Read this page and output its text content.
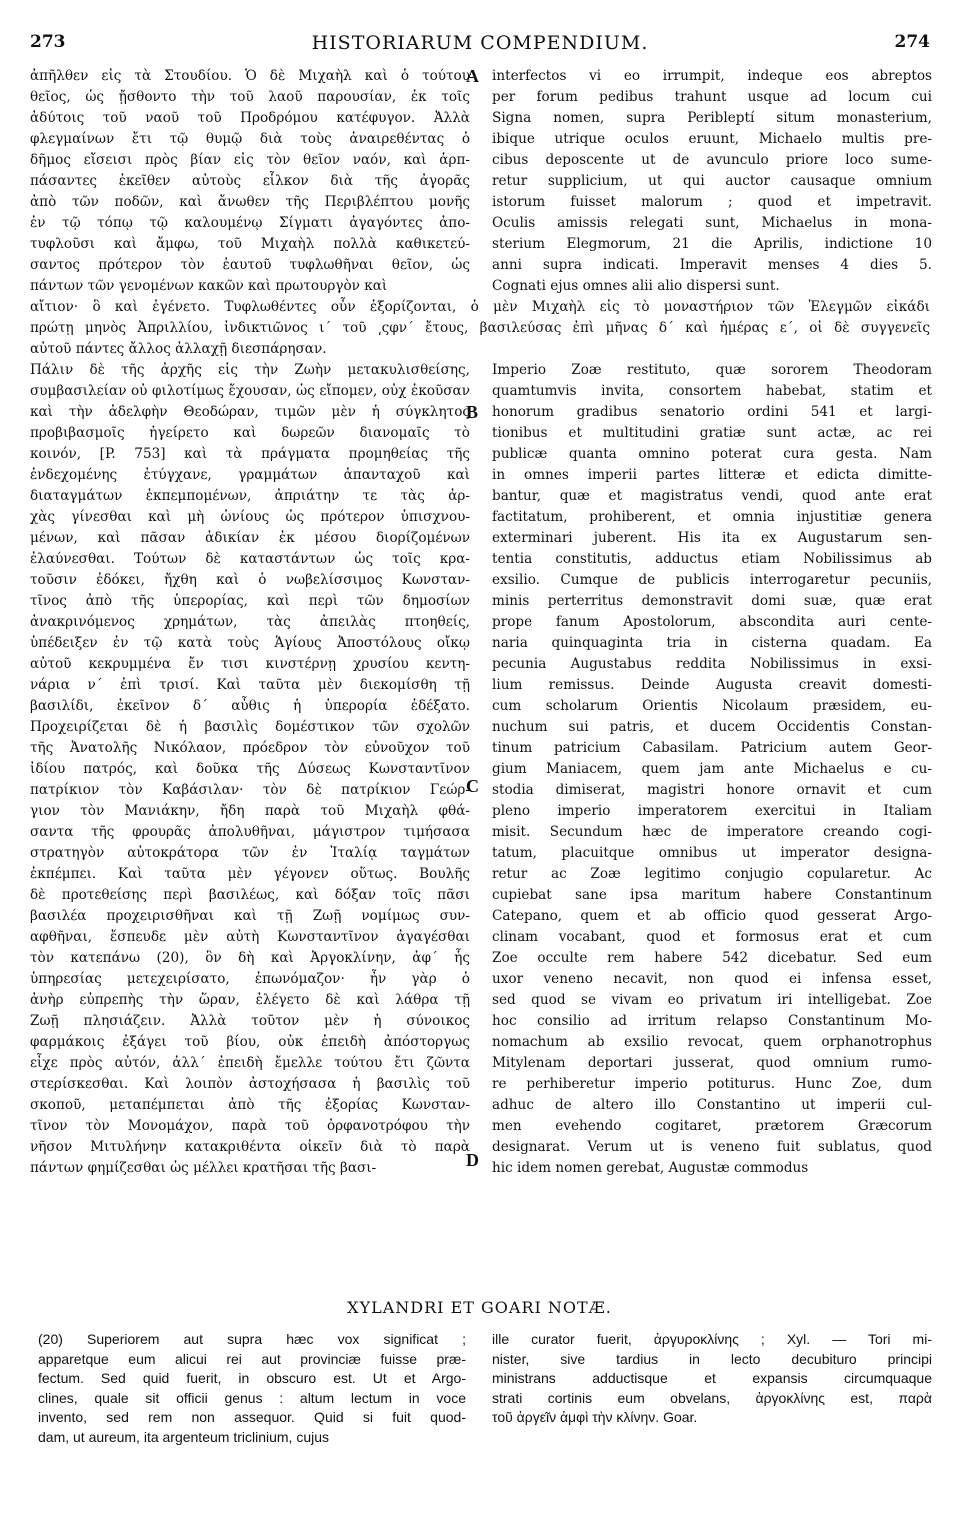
273	HISTORIARUM COMPENDIUM.	274
ἀπῆλθεν εἰς τὰ Στουδίου. Ὁ δὲ Μιχαὴλ καὶ ὁ τούτου
θεῖος, ὡς ᾔσθοντο τὴν τοῦ λαοῦ παρουσίαν, ἐκ τοῖς
ἀδύτοις τοῦ ναοῦ τοῦ Προδρόμου κατέφυγον. Ἀλλὰ
φλεγμαίνων ἔτι τῷ θυμῷ διὰ τοὺς ἀναιρεθέντας ὁ
δῆμος εἴσεισι πρὸς βίαν εἰς τὸν θεῖον ναόν, καὶ ἁρπ-
πάσαντες ἐκεῖθεν αὐτοὺς εἷλκον διὰ τῆς ἀγορᾶς
ἀπὸ τῶν ποδῶν, καὶ ἄνωθεν τῆς Περιβλέπτου μονῆς
ἐν τῷ τόπῳ τῷ καλουμένῳ Σίγματι ἀγαγόντες ἀπο-
τυφλοῦσι καὶ ἄμφω, τοῦ Μιχαὴλ πολλὰ καθικετεύ-
σαντος πρότερον τὸν ἑαυτοῦ τυφλωθῆναι θεῖον, ὡς
πάντων τῶν γενομένων κακῶν καὶ πρωτουργὸν καὶ
interfectos vi eo irrumpit, indeque eos abreptos
per forum pedibus trahunt usque ad locum cui
Signa nomen, supra Peribleptí situm monasterium,
ibique utrique oculos eruunt, Michaelo multis pre-
cibus deposcente ut de avunculo priore loco sume-
retur supplicium, ut qui auctor causaque omnium
istorum fuisset malorum ; quod et impetravit.
Oculis amissis relegati sunt, Michaelus in mona-
sterium Elegmorum, 21 die Aprilis, indictione 10
anni supra indicati. Imperavit menses 4 dies 5.
Cognati ejus omnes alii alio dispersi sunt.
αἴτιον· ὃ καὶ ἐγένετο. Τυφλωθέντες οὖν ἐξορίζονται, ὁ μὲν Μιχαὴλ εἰς τὸ μοναστήριον τῶν Ἐλεγμῶν εἰκάδι
πρώτῃ μηνὸς Ἀπριλλίου, ἰνδικτιῶνος ι´ τοῦ ͵ςφν´ ἔτους, βασιλεύσας ἐπὶ μῆνας δ´ καὶ ἡμέρας ε´, οἱ δὲ συγγενεῖς
αὐτοῦ πάντες ἄλλος ἀλλαχῇ διεσπάρησαν.
Πάλιν δὲ τῆς ἀρχῆς εἰς τὴν Ζωὴν μετακυλισθείσης,
συμβασιλείαν οὐ φιλοτίμως ἔχουσαν, ὡς εἴπομεν, οὐχ ἑκοῦσαν
καὶ τὴν ἀδελφὴν Θεοδώραν, τιμῶν μὲν ἡ σύγκλητος
προβιβασμοῖς ἠγείρετο καὶ δωρεῶν διανομαῖς τὸ
κοινόν, [P. 753] καὶ τὰ πράγματα προμηθείας τῆς
ἐνδεχομένης ἐτύγχανε, γραμμάτων ἁπανταχοῦ καὶ
διαταγμάτων ἐκπεμπομένων, ἀπριάτην τε τὰς ἀρ-
χὰς γίνεσθαι καὶ μὴ ὠνίους ὡς πρότερον ὑπισχνου-
μένων, καὶ πᾶσαν ἀδικίαν ἐκ μέσου διορίζομένων
ἐλαύνεσθαι. Τούτων δὲ καταστάντων ὡς τοῖς κρα-
τοῦσιν ἐδόκει, ἤχθη καὶ ὁ νωβελίσσιμος Κωνσταν-
τῖνος ἀπὸ τῆς ὑπερορίας, καὶ περὶ τῶν δημοσίων
ἀνακρινόμενος χρημάτων, τὰς ἀπειλὰς πτοηθείς,
ὑπέδειξεν ἐν τῷ κατὰ τοὺς Ἁγίους Ἀποστόλους οἴκῳ
αὐτοῦ κεκρυμμένα ἔν τισι κινστέρνῃ χρυσίου κεντη-
νάρια ν´ ἐπὶ τρισί. Καὶ ταῦτα μὲν διεκομίσθη τῇ
βασιλίδι, ἐκεῖνον δ´ αὖθις ἡ ὑπερορία ἐδέξατο.
Προχειρίζεται δὲ ἡ βασιλὶς δομέστικον τῶν σχολῶν
τῆς Ἀνατολῆς Νικόλαον, πρόεδρον τὸν εὐνοῦχον τοῦ
ἰδίου πατρός, καὶ δοῦκα τῆς Δύσεως Κωνσταντῖνον
πατρίκιον τὸν Καβάσιλαν· τὸν δὲ πατρίκιον Γεώρ-
γιον τὸν Μανιάκην, ἤδη παρὰ τοῦ Μιχαὴλ φθά-
σαντα τῆς φρουρᾶς ἀπολυθῆναι, μάγιστρον τιμήσασα
στρατηγὸν αὐτοκράτορα τῶν ἐν Ἰταλίᾳ ταγμάτων
ἐκπέμπει. Καὶ ταῦτα μὲν γέγονεν οὕτως. Βουλῆς
δὲ προτεθείσης περὶ βασιλέως, καὶ δόξαν τοῖς πᾶσι
βασιλέα προχειρισθῆναι καὶ τῇ Ζωῇ νομίμως συν-
αφθῆναι, ἔσπευδε μὲν αὐτὴ Κωνσταντῖνον ἀγαγέσθαι
τὸν κατεπάνω (20), ὃν δὴ καὶ Ἀργοκλίνην, ἀφ´ ἧς
ὑπηρεσίας μετεχειρίσατο, ἐπωνόμαζον· ἦν γὰρ ὁ
ἀνὴρ εὐπρεπὴς τὴν ὥραν, ἐλέγετο δὲ καὶ λάθρα τῇ
Ζωῇ πλησιάζειν. Ἀλλὰ τοῦτον μὲν ἡ σύνοικος
φαρμάκοις ἐξάγει τοῦ βίου, οὐκ ἐπειδὴ ἀπόστοργως
εἶχε πρὸς αὐτόν, ἀλλ´ ἐπειδὴ ἔμελλε τούτου ἔτι ζῶντα
στερίσκεσθαι. Καὶ λοιπὸν ἀστοχήσασα ἡ βασιλὶς τοῦ
σκοποῦ, μεταπέμπεται ἀπὸ τῆς ἐξορίας Κωνσταν-
τῖνον τὸν Μονομάχον, παρὰ τοῦ ὀρφανοτρόφου τὴν
νῆσον Μιτυλήνην κατακριθέντα οἰκεῖν διὰ τὸ παρὰ
πάντων φημίζεσθαι ὡς μέλλει κρατῆσαι τῆς βασι-
Imperio Zoæ restituto, quæ sororem Theodoram
quamtumvis invita, consortem habebat, statim et
honorum gradibus senatorio ordini 541 et largi-
tionibus et multitudini gratiæ sunt actæ, ac rei
publicæ quanta omnino poterat cura gesta. Nam
in omnes imperii partes litteræ et edicta dimitte-
bantur, quæ et magistratus vendi, quod ante erat
factitatum, prohiberent, et omnia injustitiæ genera
exterminari juberent. His ita ex Augustarum sen-
tentia constitutis, adductus etiam Nobilissimus ab
exsilio. Cumque de publicis interrogaretur pecuniis,
minis perterritus demonstravit domi suæ, quæ erat
prope fanum Apostolorum, abscondita auri cente-
naria quinquaginta tria in cisterna quadam. Ea
pecunia Augustabus reddita Nobilissimus in exsi-
lium remissus. Deinde Augusta creavit domesti-
cum scholarum Orientis Nicolaum præsidem, eu-
nuchum sui patris, et ducem Occidentis Constan-
tinum patricium Cabasilam. Patricium autem Geor-
gium Maniacem, quem jam ante Michaelus e cu-
stodia dimiserat, magistri honore ornavit et cum
pleno imperio imperatorem exercitui in Italiam
misit. Secundum hæc de imperatore creando cogi-
tatum, placuitque omnibus ut imperator designa-
retur ac Zoæ legitimo conjugio copularetur. Ac
cupiebat sane ipsa maritum habere Constantinum
Catepano, quem et ab officio quod gesserat Argo-
clinam vocabant, quod et formosus erat et cum
Zoe occulte rem habere 542 dicebatur. Sed eum
uxor veneno necavit, non quod ei infensa esset,
sed quod se vivam eo privatum iri intelligebat. Zoe
hoc consilio ad irritum relapso Constantinum Mo-
nomachum ab exsilio revocat, quem orphanotrophus
Mitylenam deportari jusserat, quod omnium rumo-
re perhiberetur imperio potiturus. Hunc Zoe, dum
adhuc de altero illo Constantino ut imperii cul-
men evehendo cogitaret, prætorem Græcorum
designarat. Verum ut is veneno fuit sublatus, quod
hic idem nomen gerebat, Augustæ commodus
A
B
C
D
XYLANDRI ET GOARI NOTÆ.
(20) Superiorem aut supra hæc vox significat ;
apparetque eum alicui rei aut provinciæ fuisse præ-
fectum. Sed quid fuerit, in obscuro est. Ut et Argo-
clines, quale sit officii genus : altum lectum in voce
invento, sed rem non assequor. Quid si fuit quod-
dam, ut aureum, ita argenteum triclinium, cujus
ille curator fuerit, ἀργυροκλίνης ; Xyl. — Tori mi-
nister, sive tardius in lecto decubituro principi
ministrans adductisque et expansis circumquaque
strati cortinis eum obvelans, ἀργοκλίνης est, παρὰ
τοῦ ἀργεῖν ἀμφὶ τὴν κλίνην. Goar.
